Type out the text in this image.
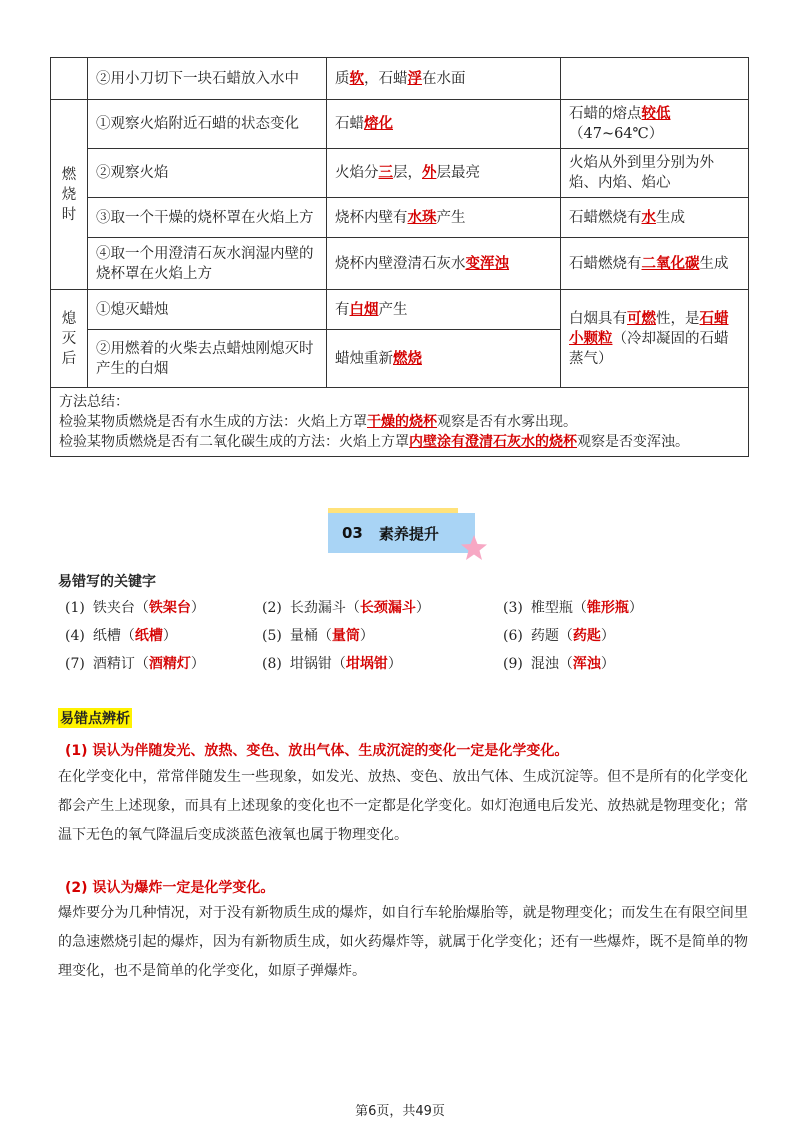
	②用小刀切下一块石蜡放入水中	质软，石蜡浮在水面	
燃烧时	①观察火焰附近石蜡的状态变化	石蜡熔化	石蜡的熔点较低（47~64℃）
	②观察火焰	火焰分三层，外层最亮	火焰从外到里分别为外焰、内焰、焰心
	③取一个干燥的烧杯罩在火焰上方	烧杯内壁有水珠产生	石蜡燃烧有水生成
	④取一个用澄清石灰水润湿内壁的烧杯罩在火焰上方	烧杯内壁澄清石灰水变浑浊	石蜡燃烧有二氧化碳生成
熄灭后	①熄灭蜡烛	有白烟产生	白烟具有可燃性，是石蜡小颗粒（冷却凝固的石蜡蒸气）
	②用燃着的火柴去点蜡烛刚熄灭时产生的白烟	蜡烛重新燃烧	

方法总结：
检验某物质燃烧是否有水生成的方法：火焰上方罩干燥的烧杯观察是否有水雾出现。
检验某物质燃烧是否有二氧化碳生成的方法：火焰上方罩内壁涂有澄清石灰水的烧杯观察是否变浑浊。			
03 素养提升
易错写的关键字
(1) 铁夹台（铁架台）	(2) 长劲漏斗（长颈漏斗）	(3) 椎型瓶（锥形瓶）
(4) 纸槽（纸槽）	(5) 量桶（量筒）	(6) 药题（药匙）
(7) 酒精订（酒精灯）	(8) 坩锅钳（坩埚钳）	(9) 混浊（浑浊）
易错点辨析
(1) 误认为伴随发光、放热、变色、放出气体、生成沉淀的变化一定是化学变化。
在化学变化中，常常伴随发生一些现象，如发光、放热、变色、放出气体、生成沉淀等。但不是所有的化学变化都会产生上述现象，而具有上述现象的变化也不一定都是化学变化。如灯泡通电后发光、放热就是物理变化；常温下无色的氧气降温后变成淡蓝色液氧也属于物理变化。
(2) 误认为爆炸一定是化学变化。
爆炸要分为几种情况，对于没有新物质生成的爆炸，如自行车轮胎爆胎等，就是物理变化；而发生在有限空间里的急速燃烧引起的爆炸，因为有新物质生成，如火药爆炸等，就属于化学变化；还有一些爆炸，既不是简单的物理变化，也不是简单的化学变化，如原子弹爆炸。
第6页，共49页
